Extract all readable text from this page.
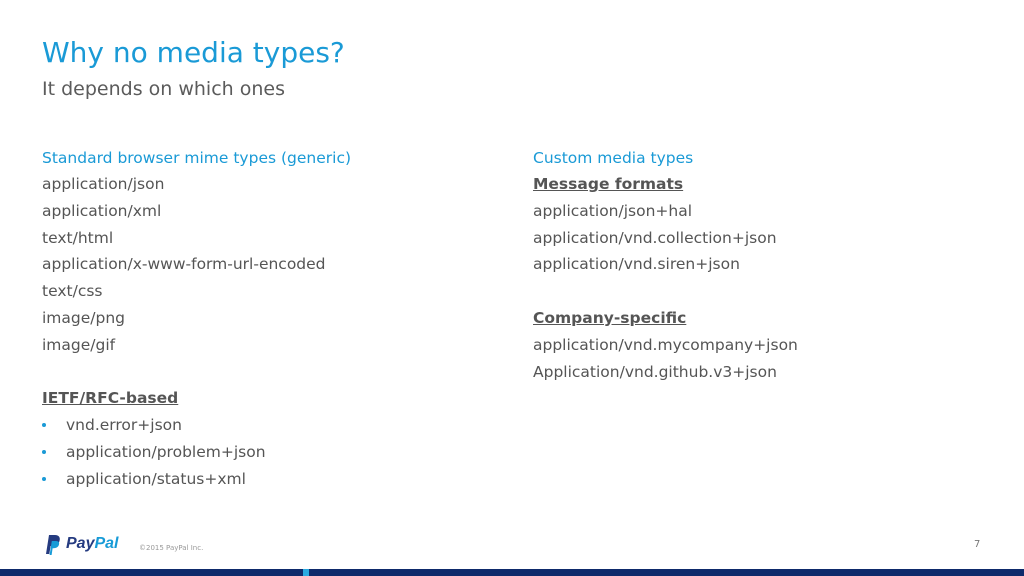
Why no media types?
It depends on which ones
Standard browser mime types (generic)
application/json
application/xml
text/html
application/x-www-form-url-encoded
text/css
image/png
image/gif
IETF/RFC-based
vnd.error+json
application/problem+json
application/status+xml
Custom media types
Message formats
application/json+hal
application/vnd.collection+json
application/vnd.siren+json
Company-specific
application/vnd.mycompany+json
Application/vnd.github.v3+json
PayPal	©2015 PayPal Inc.	7
